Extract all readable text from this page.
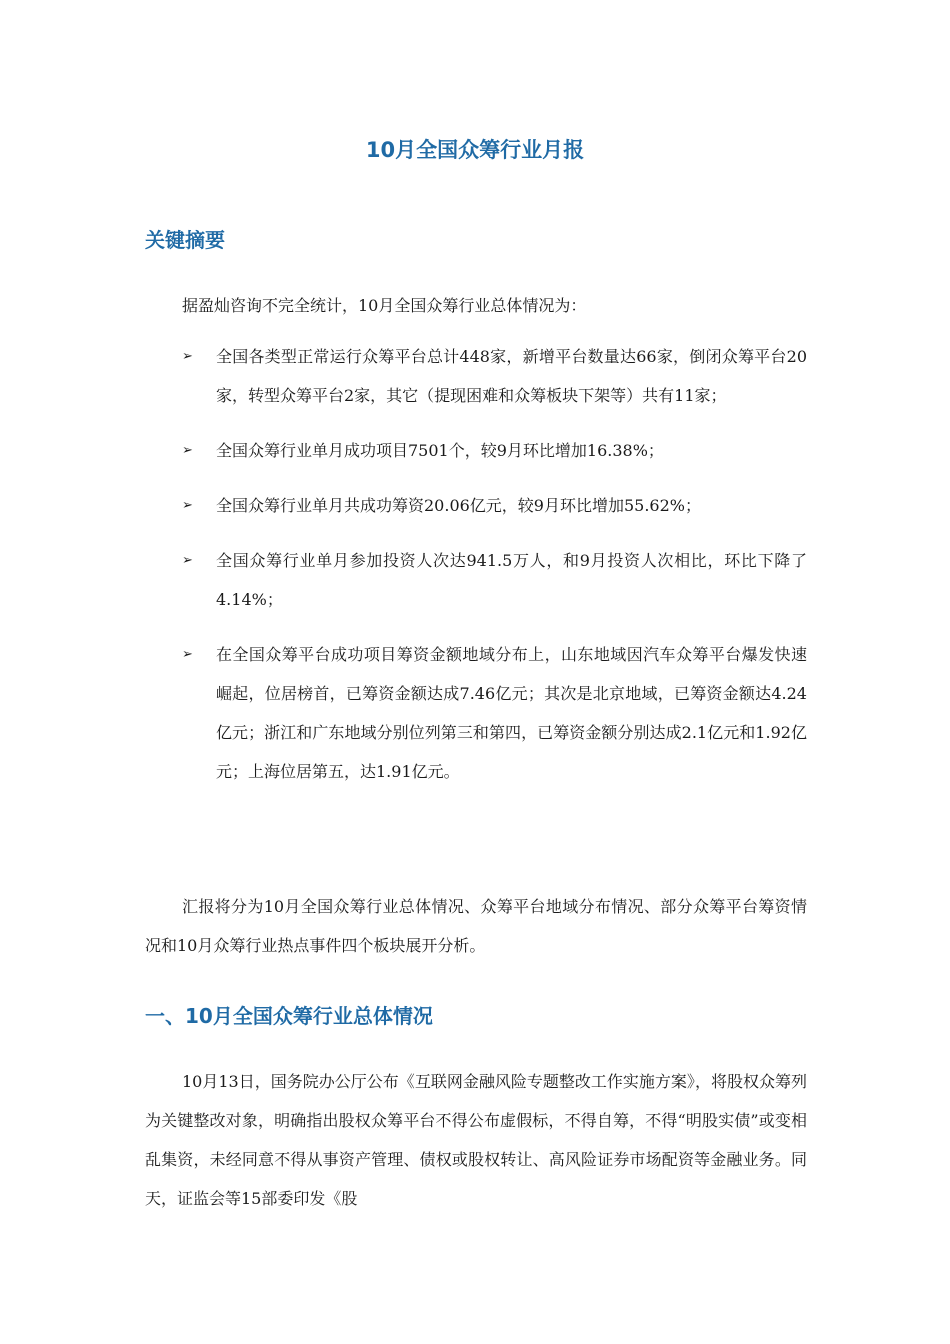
10月全国众筹行业月报
关键摘要

据盈灿咨询不完全统计，10月全国众筹行业总体情况为：

➢ 全国各类型正常运行众筹平台总计448家，新增平台数量达66家，倒闭众筹平台20家，转型众筹平台2家，其它（提现困难和众筹板块下架等）共有11家；
➢ 全国众筹行业单月成功项目7501个，较9月环比增加16.38%；
➢ 全国众筹行业单月共成功筹资20.06亿元，较9月环比增加55.62%；
➢ 全国众筹行业单月参加投资人次达941.5万人，和9月投资人次相比，环比下降了4.14%；
➢ 在全国众筹平台成功项目筹资金额地域分布上，山东地域因汽车众筹平台爆发快速崛起，位居榜首，已筹资金额达成7.46亿元；其次是北京地域，已筹资金额达4.24亿元；浙江和广东地域分别位列第三和第四，已筹资金额分别达成2.1亿元和1.92亿元；上海位居第五，达1.91亿元。

汇报将分为10月全国众筹行业总体情况、众筹平台地域分布情况、部分众筹平台筹资情况和10月众筹行业热点事件四个板块展开分析。

一、10月全国众筹行业总体情况

10月13日，国务院办公厅公布《互联网金融风险专题整改工作实施方案》，将股权众筹列为关键整改对象，明确指出股权众筹平台不得公布虚假标，不得自筹，不得“明股实债”或变相乱集资，未经同意不得从事资产管理、债权或股权转让、高风险证券市场配资等金融业务。同天，证监会等15部委印发《股
